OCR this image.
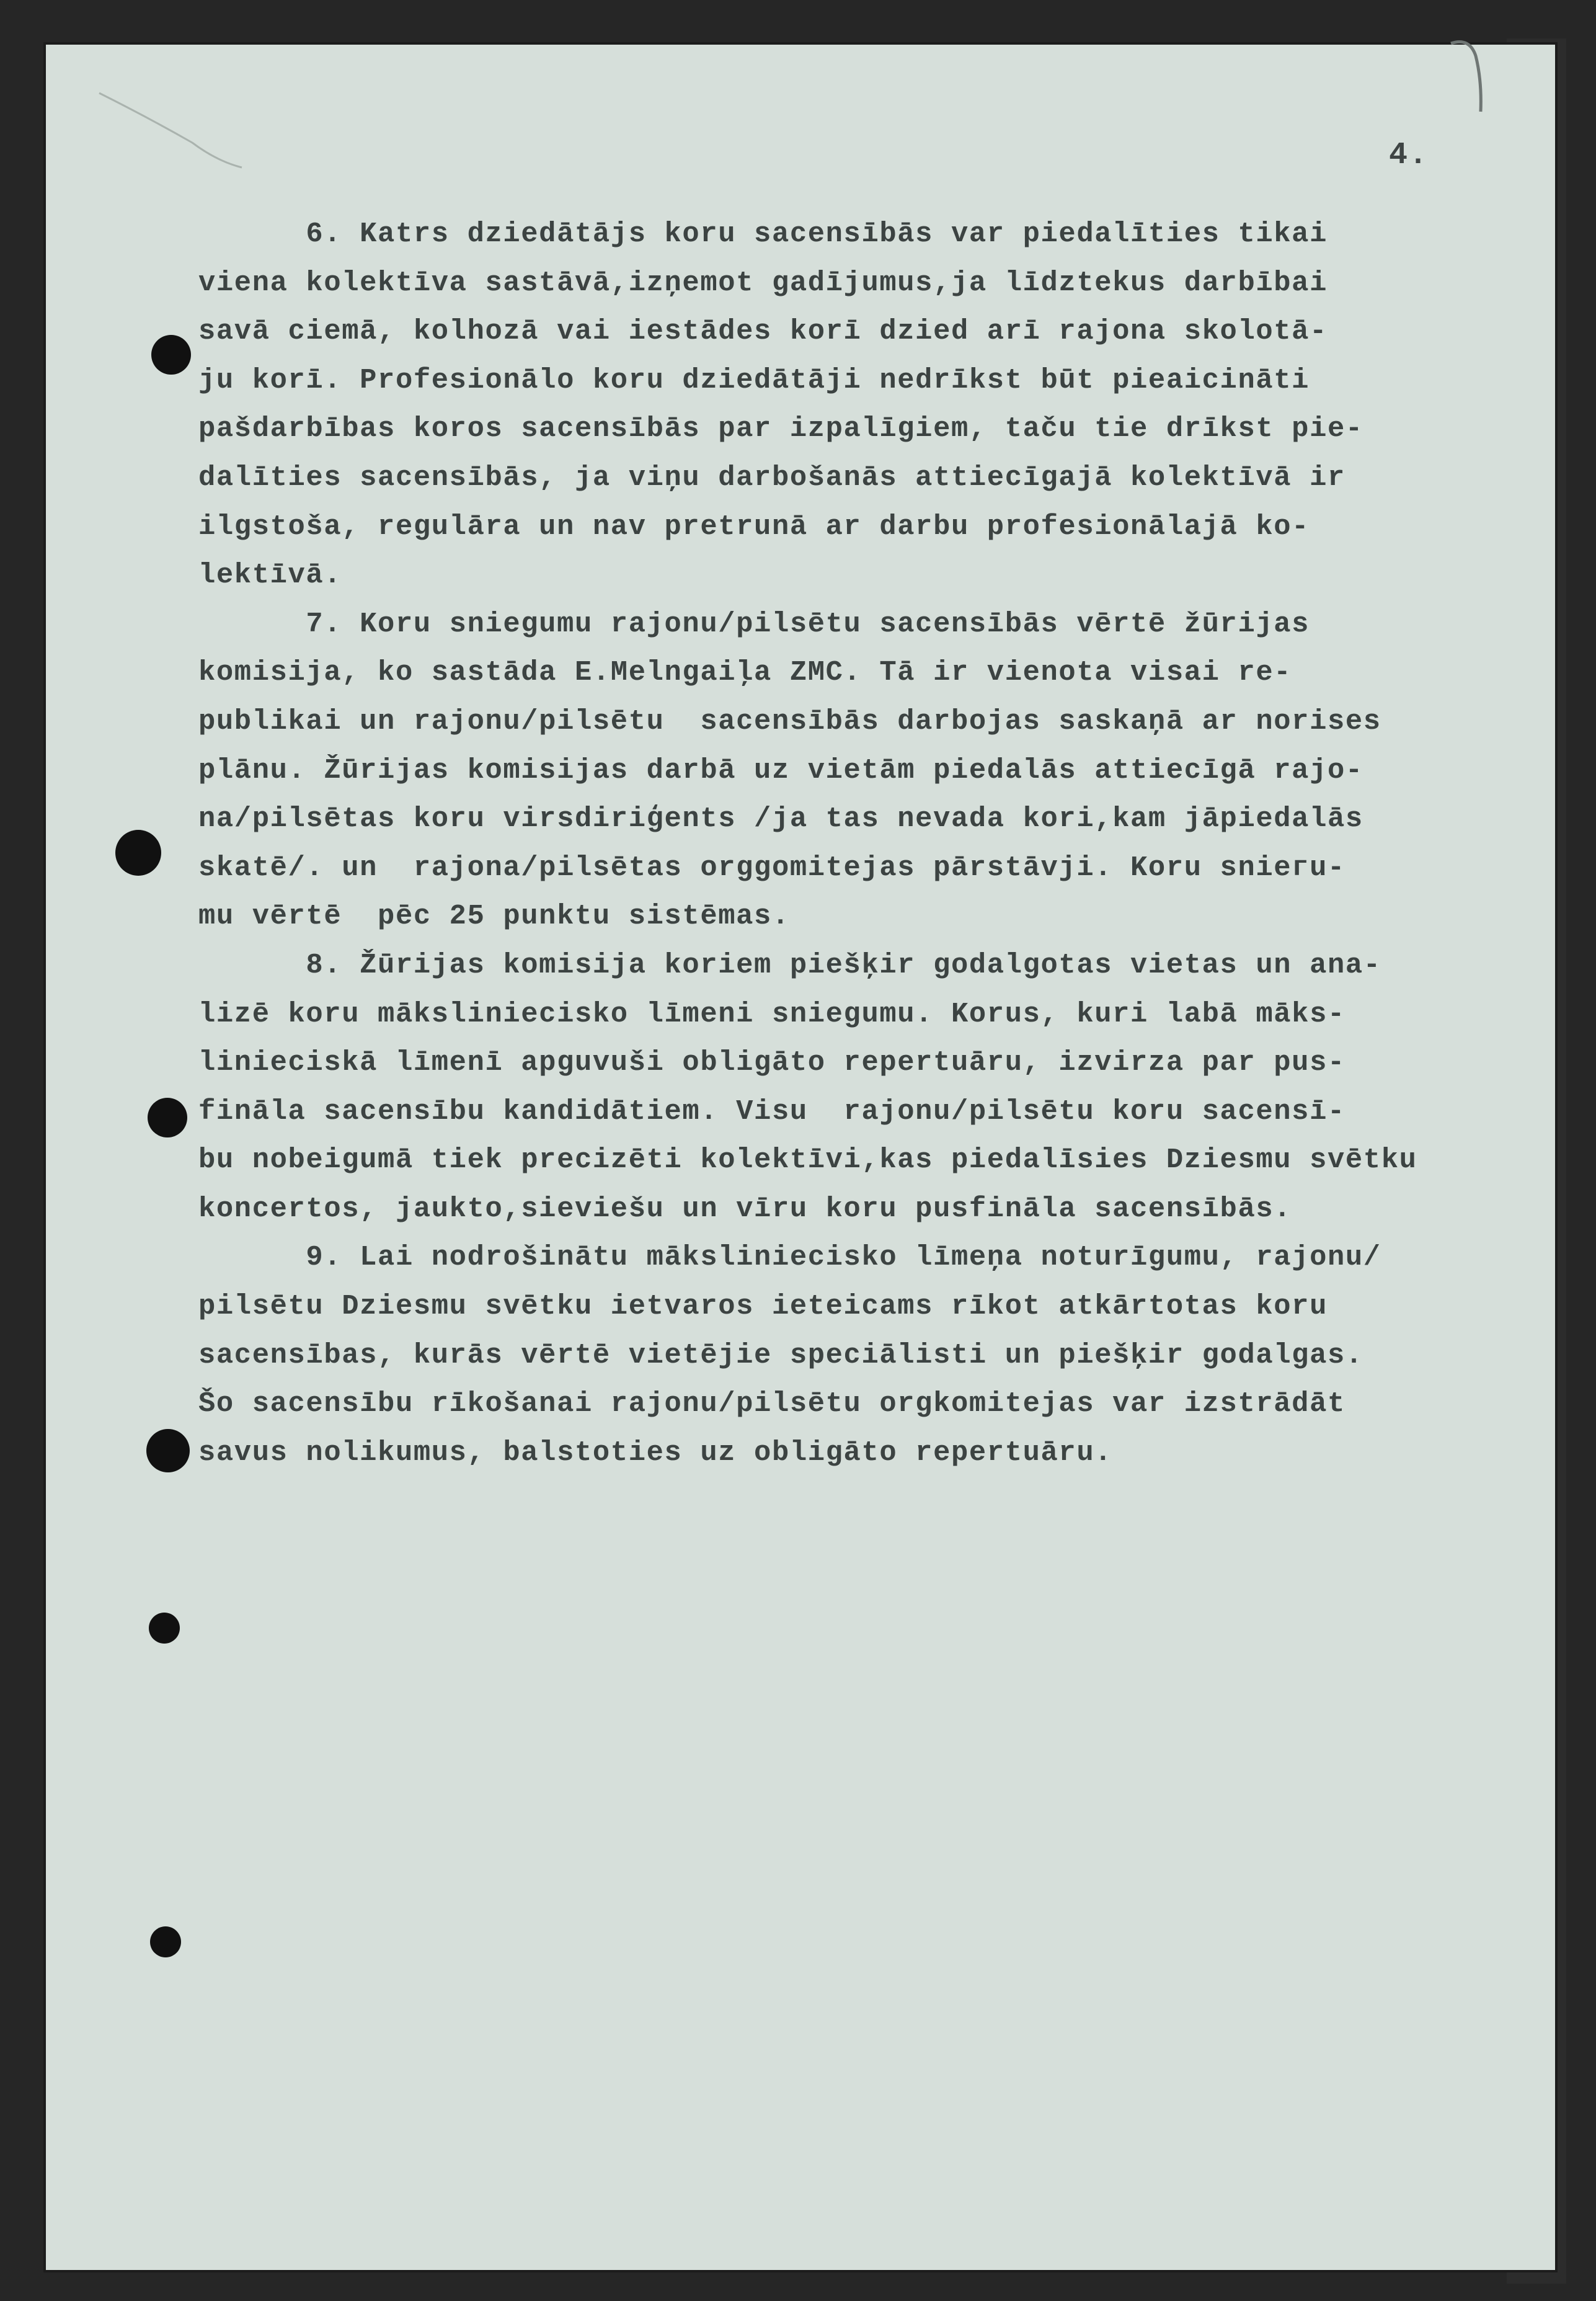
4.
6. Katrs dziedātājs koru sacensībās var piedalīties tikai
viena kolektīva sastāvā,izņemot gadījumus,ja līdztekus darbībai
savā ciemā, kolhozā vai iestādes korī dzied arī rajona skolotā-
ju korī. Profesionālo koru dziedātāji nedrīkst būt pieaicināti
pašdarbības koros sacensībās par izpalīgiem, taču tie drīkst pie-
dalīties sacensībās, ja viņu darbošanās attiecīgajā kolektīvā ir
ilgstoša, regulāra un nav pretrunā ar darbu profesionālajā ko-
lektīvā.
7. Koru sniegumu rajonu/pilsētu sacensībās vērtē žūrijas
komisija, ko sastāda E.Melngaiļa ZMC. Tā ir vienota visai re-
publikai un rajonu/pilsētu  sacensībās darbojas saskaņā ar norises
plānu. Žūrijas komisijas darbā uz vietām piedalās attiecīgā rajo-
na/pilsētas koru virsdiriģents /ja tas nevada kori,kam jāpiedalās
skatē/. un  rajona/pilsētas orggomitejas pārstāvji. Koru snieгu-
mu vērtē  pēc 25 punktu sistēmas.
8. Žūrijas komisija koriem piešķir godalgotas vietas un ana-
lizē koru māksliniecisko līmeni sniegumu. Korus, kuri labā māks-
linieciskā līmenī apguvuši obligāto repertuāru, izvirza par pus-
fināla sacensību kandidātiem. Visu  rajonu/pilsētu koru sacensī-
bu nobeigumā tiek precizēti kolektīvi,kas piedalīsies Dziesmu svētku
koncertos, jaukto,sieviešu un vīru koru pusfināla sacensībās.
9. Lai nodrošinātu māksliniecisko līmeņa noturīgumu, rajonu/
pilsētu Dziesmu svētku ietvaros ieteicams rīkot atkārtotas koru
sacensības, kurās vērtē vietējie speciālisti un piešķir godalgas.
Šo sacensību rīkošanai rajonu/pilsētu orgkomitejas var izstrādāt
savus nolikumus, balstoties uz obligāto repertuāru.
